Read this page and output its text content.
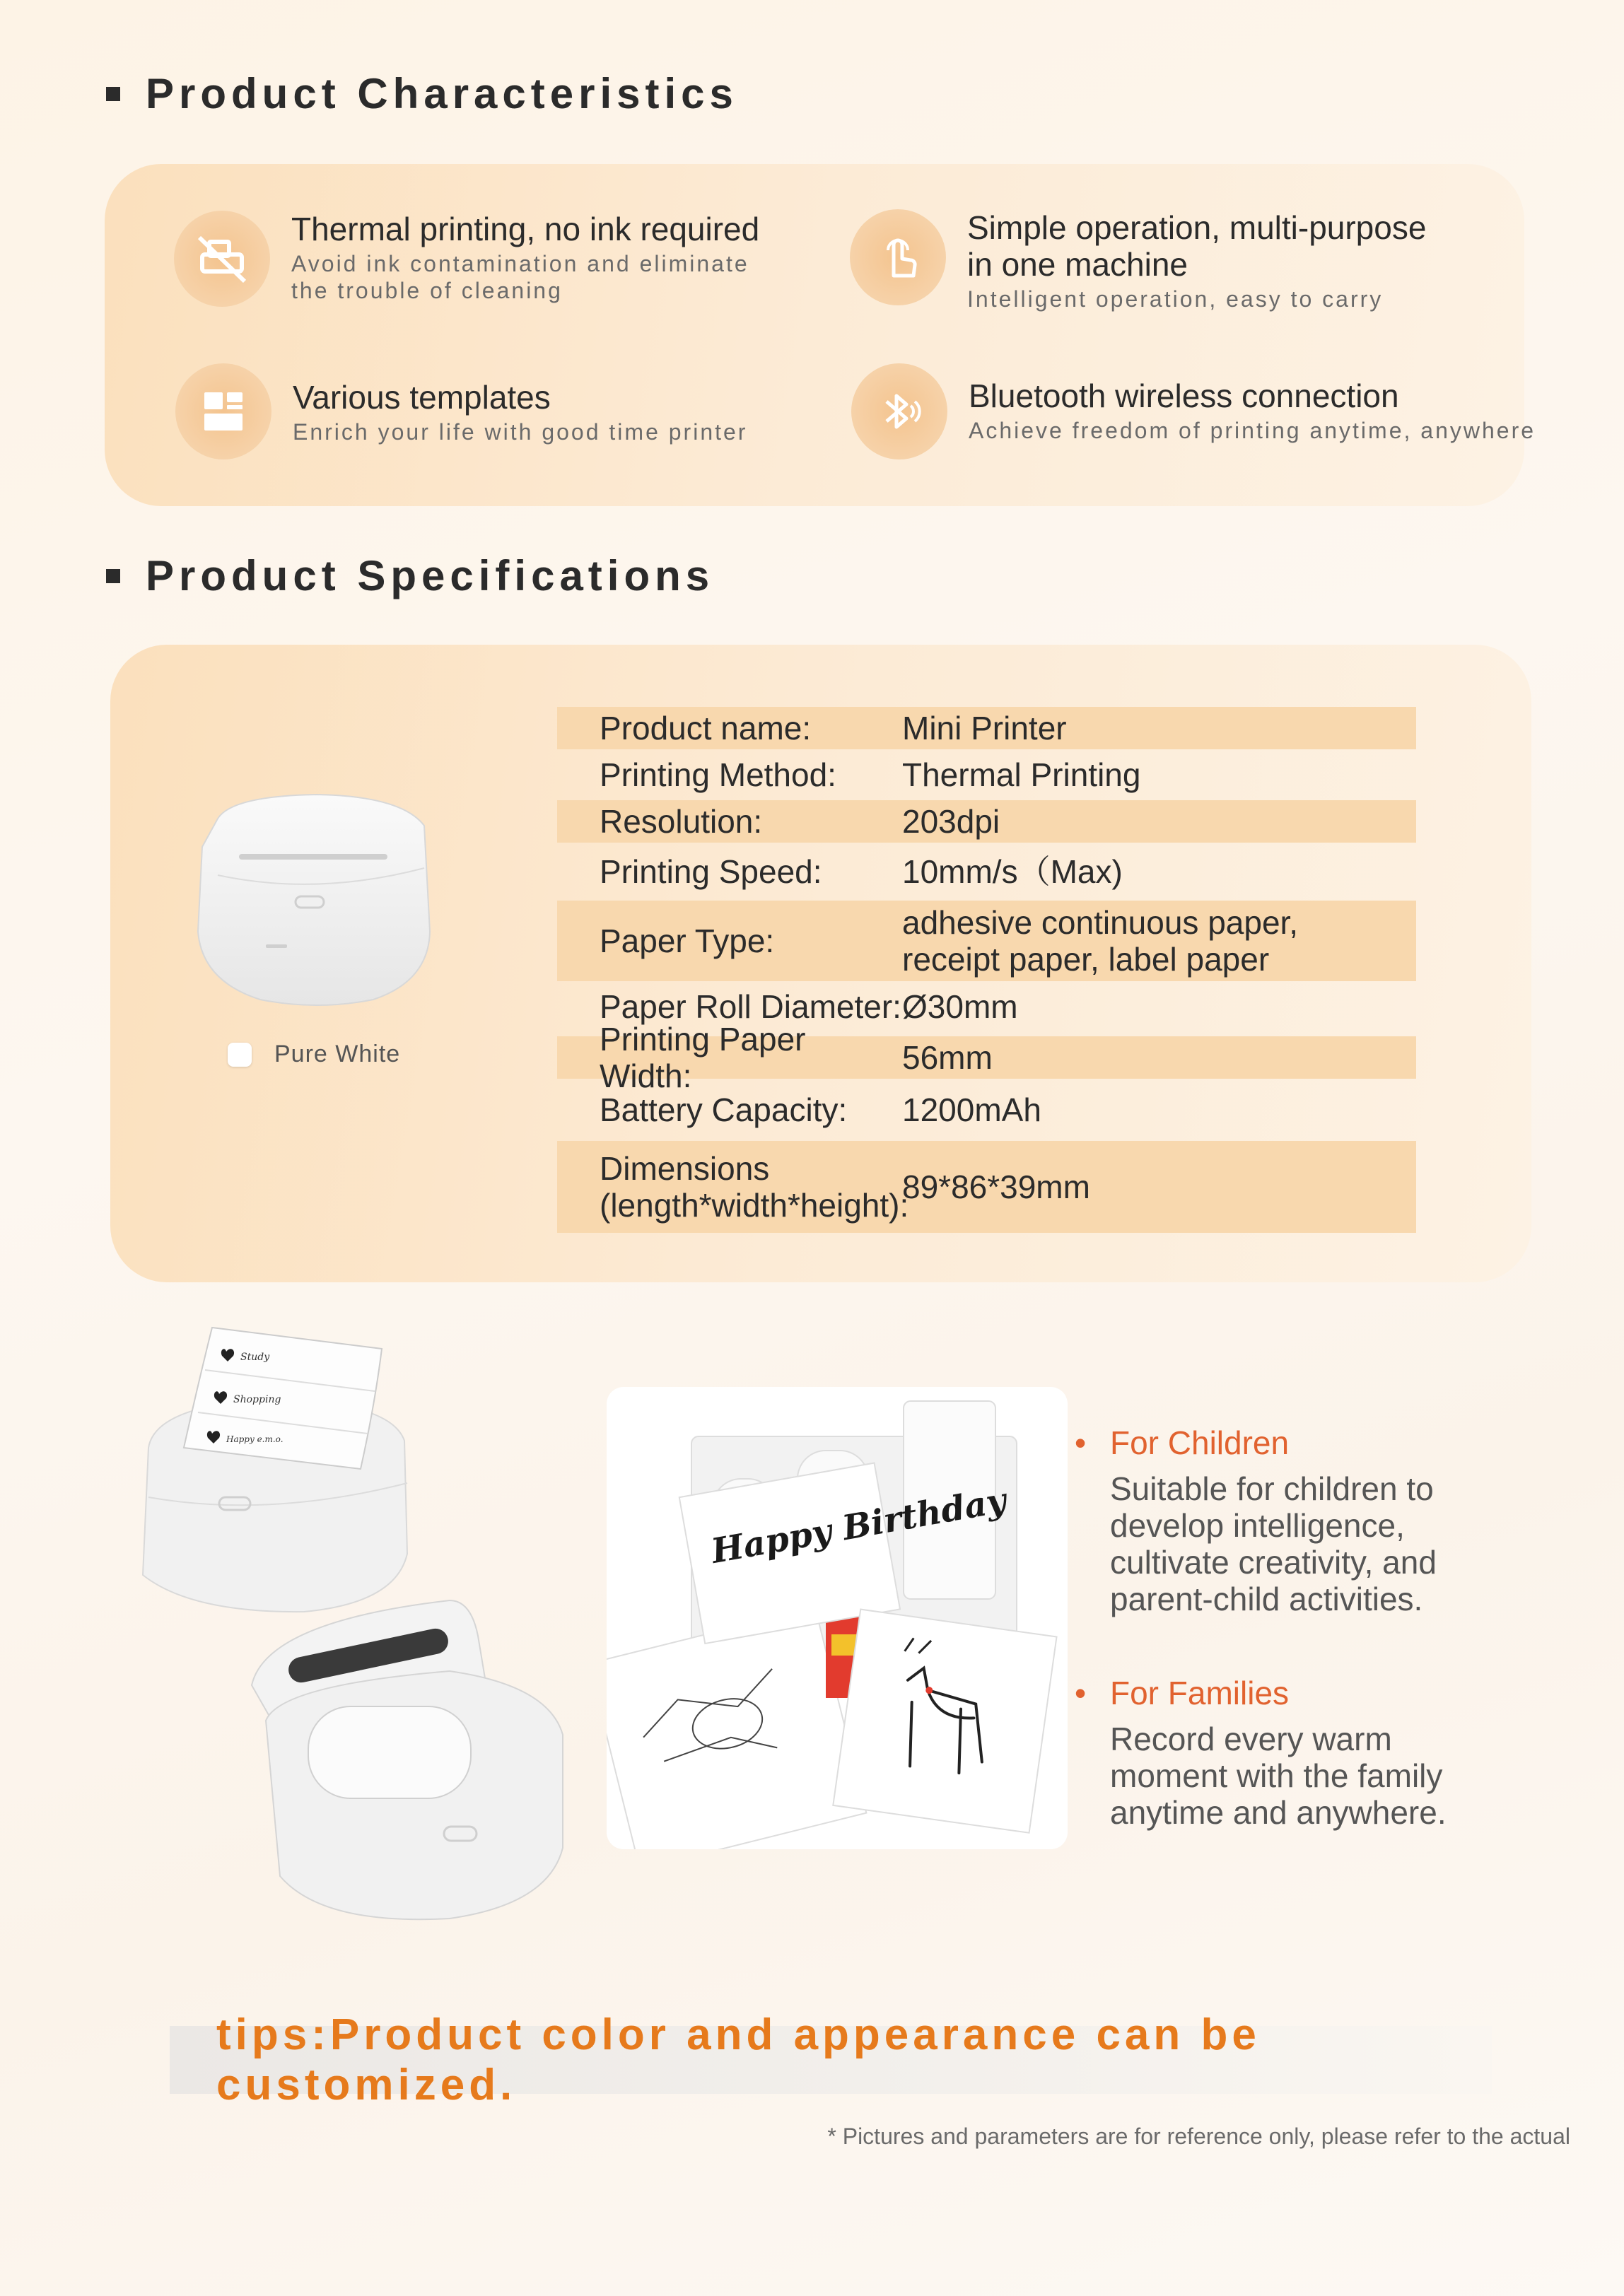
Product Characteristics
Thermal printing, no ink required
Avoid ink contamination and eliminate
the trouble of cleaning
Simple operation, multi-purpose
in one machine
Intelligent operation, easy to carry
Various templates
Enrich your life with good time printer
Bluetooth wireless connection
Achieve freedom of printing anytime, anywhere
Product Specifications
Pure White
Product name:	Mini Printer
Printing Method:	Thermal Printing
Resolution:	203dpi
Printing Speed:	10mm/s（Max)
Paper Type:	adhesive continuous paper,
receipt paper, label paper
Paper Roll Diameter: Ø30mm
Printing Paper Width:	56mm
Battery Capacity:	1200mAh
Dimensions
(length*width*height):
89*86*39mm
Study
Shopping
Happy e.m.o.
Happy Birthday
• For Children
Suitable for children to
develop intelligence,
cultivate creativity, and
parent-child activities.
• For Families
Record every warm
moment with the family
anytime and anywhere.
tips:Product color and appearance can be customized.
* Pictures and parameters are for reference only, please refer to the actual
